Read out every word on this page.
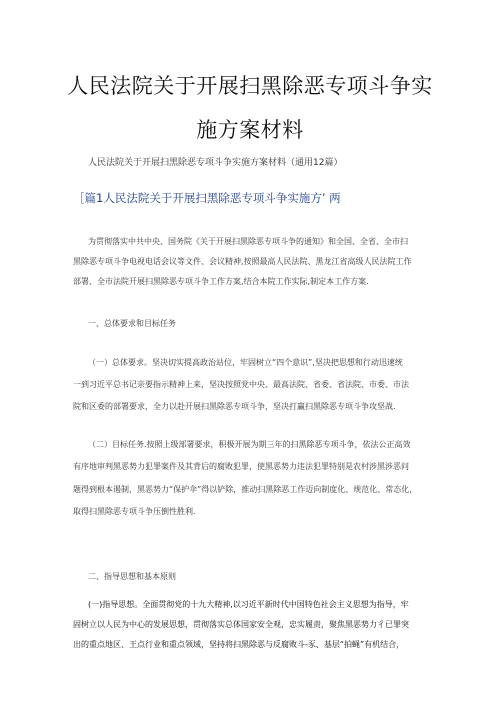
人民法院关于开展扫黑除恶专项斗争实
施方案材料
人民法院关于开展扫黑除恶专项斗争实施方案材料（通用12篇）
［篇1人民法院关于开展扫黑除恶专项斗争实施方’ 两
为贯彻落实中共中央、国务院《关于开展扫黑除恶专项斗争的通知》和全国、全省、全市扫
黑除恶专项斗争电视电话会议等文件、会议精神,按照最高人民法院、黑龙江省高级人民法院工作
部署、全市法院开展扫黑除恶专项斗争工作方案,结合本院工作实际,制定本工作方案.
一、总体要求和目标任务
（一）总体要求。坚决切实提高政治站位，牢固树立“四个意识”,坚决把思想和行动迅速统
一到习近平总书记亲要指示精神上来，坚决按照党中央、最高法院、省委、省法院、市委、市法
院和区委的部署要求，全力以赴开展扫黑除恶专项斗争，坚决打赢扫黑除恶专项斗争攻坚战.
（二）目标任务.按照上级部署要求，积极开展为期三年的扫黑除恶专项斗争，依法公正高效
有序地审判黑恶势力犯罪案件及其背后的腐败犯罪，使黑恶势力违法犯罪特别是农村涉黑涉恶问
题得到根本遏制，黑恶势力“保护伞”得以铲除，推动扫黑除恶工作迈向制度化、规范化、常态化，
取得扫黑除恶专项斗争压倒性胜利.
二、指导思想和基本原则
(一)指导思想。全面贯彻党的十九大精神,以习近平新时代中国特色社会主义思想为指导，牢
固树立以人民为中心的发展思想，贯彻落实总体国家安全观，忠实履责，聚焦黑恶势力彳已罪突
出的重点地区、王点行业和重点领域，坚持将扫黑除恶与反腐败斗-豕、基层“拍蝇”有机结合，
